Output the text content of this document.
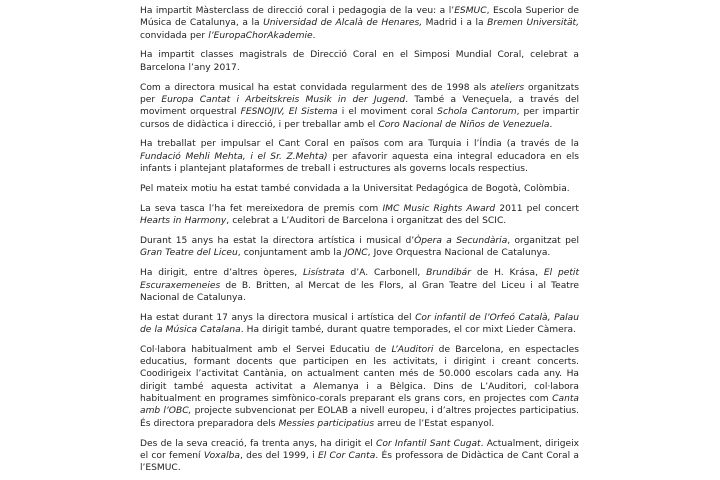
Ha impartit Màsterclass de direcció coral i pedagogia de la veu: a l’ESMUC, Escola Superior de Música de Catalunya, a la Universidad de Alcalà de Henares, Madrid i a la Bremen Universität, convidada per l’EuropaChorAkademie.

Ha impartit classes magistrals de Direcció Coral en el Simposi Mundial Coral, celebrat a Barcelona l’any 2017.

Com a directora musical ha estat convidada regularment des de 1998 als ateliers organitzats per Europa Cantat i Arbeitskreis Musik in der Jugend. També a Veneçuela, a través del moviment orquestral FESNOJIV, El Sistema i el moviment coral Schola Cantorum, per impartir cursos de didàctica i direcció, i per treballar amb el Coro Nacional de Niños de Venezuela.

Ha treballat per impulsar el Cant Coral en països com ara Turquia i l’Índia (a través de la Fundació Mehli Mehta, i el Sr. Z.Mehta) per afavorir aquesta eina integral educadora en els infants i plantejant plataformes de treball i estructures als governs locals respectius.

Pel mateix motiu ha estat també convidada a la Universitat Pedagógica de Bogotà, Colòmbia.

La seva tasca l’ha fet mereixedora de premis com IMC Music Rights Award 2011 pel concert Hearts in Harmony, celebrat a L’Auditori de Barcelona i organitzat des del SCIC.

Durant 15 anys ha estat la directora artística i musical d’Òpera a Secundària, organitzat pel Gran Teatre del Liceu, conjuntament amb la JONC, Jove Orquestra Nacional de Catalunya.

Ha dirigit, entre d’altres òperes, Lisístrata d’A. Carbonell, Brundibár de H. Krása, El petit Escuraxemeneies de B. Britten, al Mercat de les Flors, al Gran Teatre del Liceu i al Teatre Nacional de Catalunya.

Ha estat durant 17 anys la directora musical i artística del Cor infantil de l’Orfeó Català, Palau de la Música Catalana. Ha dirigit també, durant quatre temporades, el cor mixt Lieder Càmera.

Col·labora habitualment amb el Servei Educatiu de L’Auditori de Barcelona, en espectacles educatius, formant docents que participen en les activitats, i dirigint i creant concerts. Coodirigeix l’activitat Cantània, on actualment canten més de 50.000 escolars cada any. Ha dirigit també aquesta activitat a Alemanya i a Bèlgica. Dins de L’Auditori, col·labora habitualment en programes simfònico-corals preparant els grans cors, en projectes com Canta amb l’OBC, projecte subvencionat per EOLAB a nivell europeu, i d’altres projectes participatius. És directora preparadora dels Messies participatius arreu de l’Estat espanyol.

Des de la seva creació, fa trenta anys, ha dirigit el Cor Infantil Sant Cugat. Actualment, dirigeix el cor femení Voxalba, des del 1999, i El Cor Canta. És professora de Didàctica de Cant Coral a l’ESMUC.
